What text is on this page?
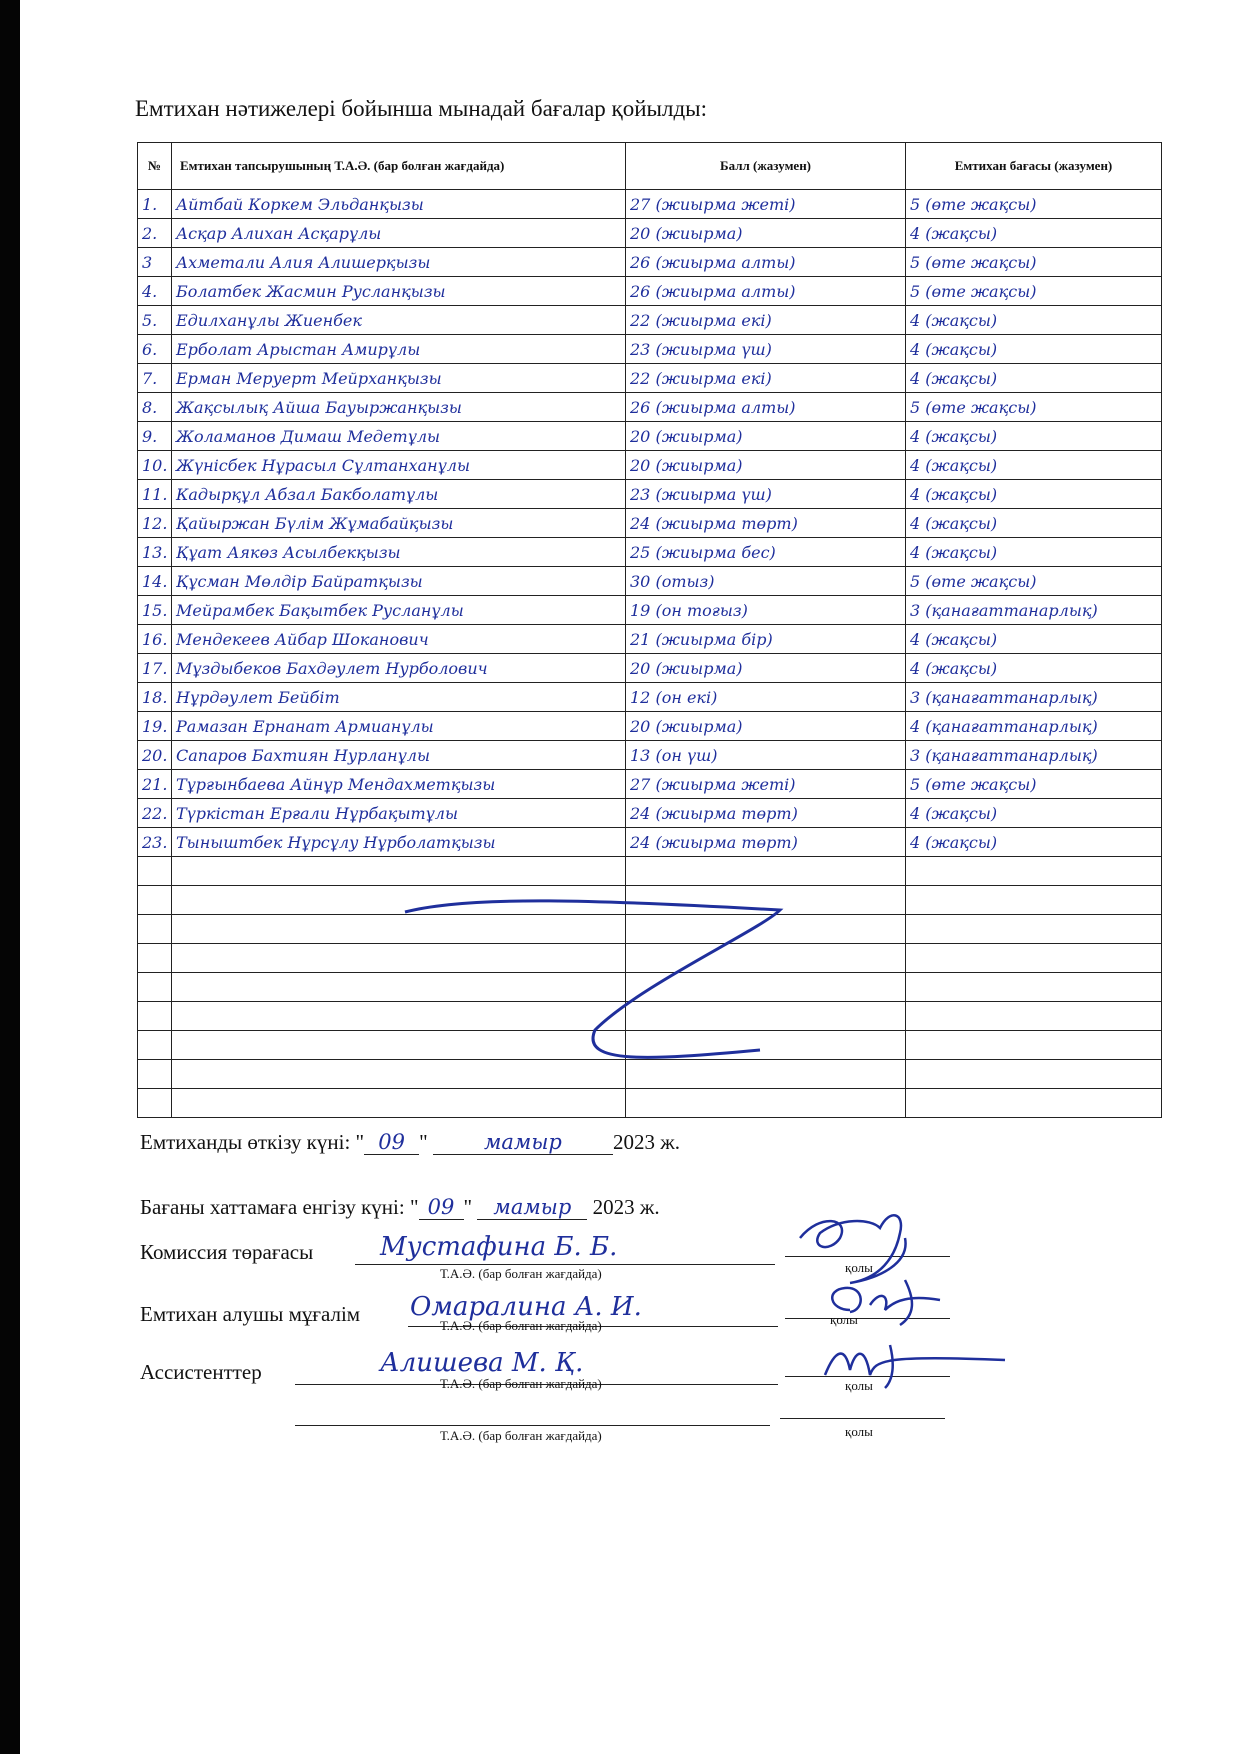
Емтихан нәтижелері бойынша мынадай бағалар қойылды:
№	Емтихан тапсырушының Т.А.Ә. (бар болған жағдайда)	Балл (жазумен)	Емтихан бағасы (жазумен)
1.	Айтбай Коркем Эльданқызы	27 (жиырма жеті)	5 (өте жақсы)
2.	Асқар Алихан Асқарұлы	20 (жиырма)	4 (жақсы)
3	Ахметали Алия Алишерқызы	26 (жиырма алты)	5 (өте жақсы)
4.	Болатбек Жасмин Русланқызы	26 (жиырма алты)	5 (өте жақсы)
5.	Едилханұлы Жиенбек	22 (жиырма екі)	4 (жақсы)
6.	Ерболат Арыстан Амирұлы	23 (жиырма үш)	4 (жақсы)
7.	Ерман Меруерт Мейрханқызы	22 (жиырма екі)	4 (жақсы)
8.	Жақсылық Айша Бауыржанқызы	26 (жиырма алты)	5 (өте жақсы)
9.	Жоламанов Димаш Медетұлы	20 (жиырма)	4 (жақсы)
10.	Жүнісбек Нұрасыл Сұлтанханұлы	20 (жиырма)	4 (жақсы)
11.	Кадырқұл Абзал Бакболатұлы	23 (жиырма үш)	4 (жақсы)
12.	Қайыржан Бүлім Жұмабайқызы	24 (жиырма төрт)	4 (жақсы)
13.	Құат Аякөз Асылбекқызы	25 (жиырма бес)	4 (жақсы)
14.	Құсман Мөлдір Байратқызы	30 (отыз)	5 (өте жақсы)
15.	Мейрамбек Бақытбек Русланұлы	19 (он тоғыз)	3 (қанағаттанарлық)
16.	Мендекеев Айбар Шоканович	21 (жиырма бір)	4 (жақсы)
17.	Мұздыбеков Бахдәулет Нурболович	20 (жиырма)	4 (жақсы)
18.	Нұрдәулет Бейбіт	12 (он екі)	3 (қанағаттанарлық)
19.	Рамазан Ернанат Армианұлы	20 (жиырма)	4 (қанағаттанарлық)
20.	Сапаров Бахтиян Нурланұлы	13 (он үш)	3 (қанағаттанарлық)
21.	Тұрғынбаева Айнұр Мендахметқызы	27 (жиырма жеті)	5 (өте жақсы)
22.	Түркістан Ерғали Нұрбақытұлы	24 (жиырма төрт)	4 (жақсы)
23.	Тыныштбек Нұрсұлу Нұрболатқызы	24 (жиырма төрт)	4 (жақсы)

Емтиханды өткізу күні: " 09 "	мамыр 2023 ж.
Бағаны хаттамаға енгізу күні: " 09 " мамыр 2023 ж.
Комиссия төрағасы	Мустафина Б. Б.
Т.А.Ә. (бар болған жағдайда)	қолы
Емтихан алушы мұғалім Омаралина А. И.
Т.А.Ә. (бар болған жағдайда)	қолы
Ассистенттер	Алишева М. Қ.
Т.А.Ә. (бар болған жағдайда)	қолы
Т.А.Ә. (бар болған жағдайда)	қолы
